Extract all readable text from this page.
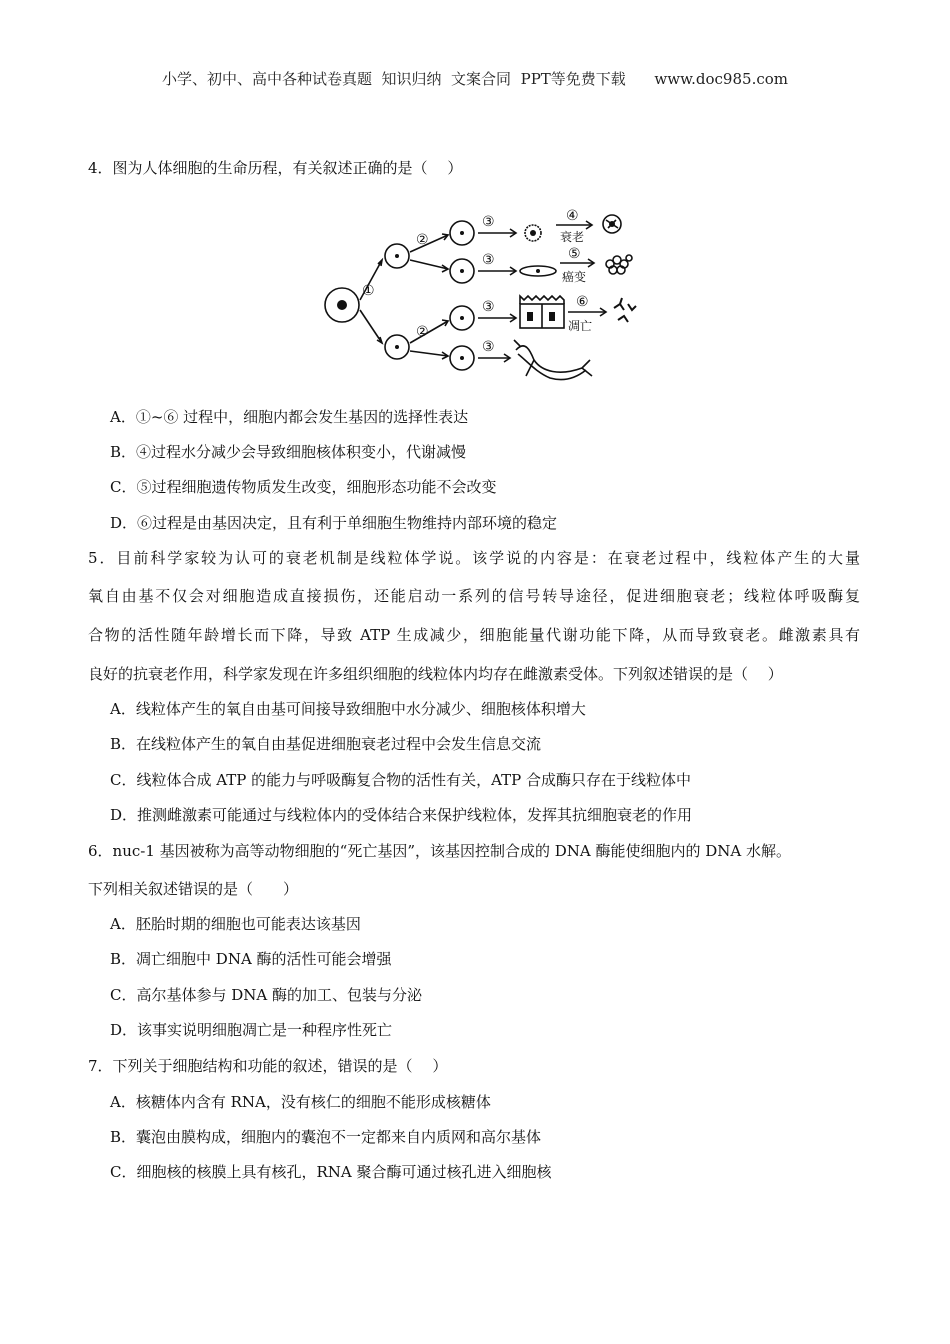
小学、初中、高中各种试卷真题  知识归纳  文案合同  PPT等免费下载      www.doc985.com
4．图为人体细胞的生命历程，有关叙述正确的是（　 ）
①
②
②
③
③
③
③
④
⑤
⑥
衰老
癌变
凋亡
A．①~⑥ 过程中，细胞内都会发生基因的选择性表达
B．④过程水分减少会导致细胞核体积变小，代谢减慢
C．⑤过程细胞遗传物质发生改变，细胞形态功能不会改变
D．⑥过程是由基因决定，且有利于单细胞生物维持内部环境的稳定
5．目前科学家较为认可的衰老机制是线粒体学说。该学说的内容是：在衰老过程中，线粒体产生的大量
氧自由基不仅会对细胞造成直接损伤，还能启动一系列的信号转导途径，促进细胞衰老；线粒体呼吸酶复
合物的活性随年龄增长而下降，导致 ATP 生成减少，细胞能量代谢功能下降，从而导致衰老。雌激素具有
良好的抗衰老作用，科学家发现在许多组织细胞的线粒体内均存在雌激素受体。下列叙述错误的是（　 ）
A．线粒体产生的氧自由基可间接导致细胞中水分减少、细胞核体积增大
B．在线粒体产生的氧自由基促进细胞衰老过程中会发生信息交流
C．线粒体合成 ATP 的能力与呼吸酶复合物的活性有关，ATP 合成酶只存在于线粒体中
D．推测雌激素可能通过与线粒体内的受体结合来保护线粒体，发挥其抗细胞衰老的作用
6．nuc-1 基因被称为高等动物细胞的“死亡基因”，该基因控制合成的 DNA 酶能使细胞内的 DNA 水解。
下列相关叙述错误的是（　　）
A．胚胎时期的细胞也可能表达该基因
B．凋亡细胞中 DNA 酶的活性可能会增强
C．高尔基体参与 DNA 酶的加工、包装与分泌
D．该事实说明细胞凋亡是一种程序性死亡
7．下列关于细胞结构和功能的叙述，错误的是（　 ）
A．核糖体内含有 RNA，没有核仁的细胞不能形成核糖体
B．囊泡由膜构成，细胞内的囊泡不一定都来自内质网和高尔基体
C．细胞核的核膜上具有核孔，RNA 聚合酶可通过核孔进入细胞核
